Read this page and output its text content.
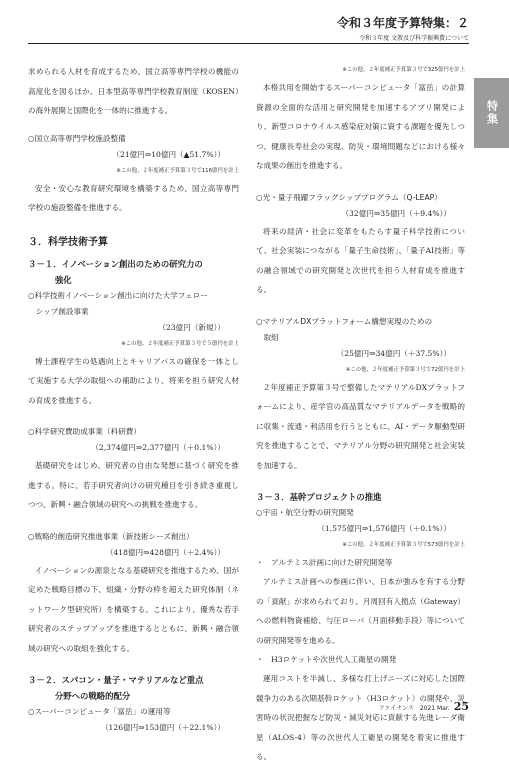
令和３年度予算特集：２
令和３年度 文教及び科学振興費について
特集

求められる人材を育成するため、国立高等専門学校の機能の高度化を図るほか、日本型高等専門学校教育制度（KOSEN）の海外展開と国際化を一体的に推進する。

○国立高等専門学校施設整備

（21億円⇒10億円（▲51.7%））

※この他、２年度補正予算第３号で116億円を計上

安全・安心な教育研究環境を構築するため、国立高等専門学校の施設整備を推進する。

３．科学技術予算

３－１．イノベーション創出のための研究力の
強化

○科学技術イノベーション創出に向けた大学フェロー
シップ創設事業

（23億円（新規））

※この他、２年度補正予算第３号で５億円を計上

博士課程学生の処遇向上とキャリアパスの確保を一体として実施する大学の取組への補助により、将来を担う研究人材の育成を推進する。

○科学研究費助成事業（科研費）

（2,374億円⇒2,377億円（＋0.1%））

基礎研究をはじめ、研究者の自由な発想に基づく研究を推進する。特に、若手研究者向けの研究種目を引き続き重視しつつ、新興・融合領域の研究への挑戦を推進する。

○戦略的創造研究推進事業（新技術シーズ創出）

（418億円⇒428億円（＋2.4%））

イノベーションの源泉となる基礎研究を推進するため、国が定めた戦略目標の下、組織・分野の枠を超えた研究体制（ネットワーク型研究所）を構築する。これにより、優秀な若手研究者のステップアップを推進するとともに、新興・融合領域の研究への取組を強化する。

３－２．スパコン・量子・マテリアルなど重点
分野への戦略的配分

○スーパーコンピュータ「富岳」の運用等

（126億円⇒153億円（＋22.1%））

※この他、２年度補正予算第３号で325億円を計上

本格共用を開始するスーパーコンピュータ「富岳」の計算資源の全面的な活用と研究開発を加速するアプリ開発により、新型コロナウイルス感染症対策に資する課題を優先しつつ、健康長寿社会の実現、防災・環境問題などにおける様々な成果の創出を推進する。

○光・量子飛躍フラッグシッププログラム（Q-LEAP）

（32億円⇒35億円（＋9.4%））

将来の経済・社会に変革をもたらす量子科学技術について、社会実装につながる「量子生命技術」、「量子AI技術」等の融合領域での研究開発と次世代を担う人材育成を推進する。

○マテリアルDXプラットフォーム構想実現のための
取組

（25億円⇒34億円（＋37.5%））

※この他、２年度補正予算第３号で72億円を計上

２年度補正予算第３号で整備したマテリアルDXプラットフォームにより、産学官の高品質なマテリアルデータを戦略的に収集・流通・利活用を行うとともに、AI・データ駆動型研究を推進することで、マテリアル分野の研究開発と社会実装を加速する。

３－３．基幹プロジェクトの推進

○宇宙・航空分野の研究開発

（1,575億円⇒1,576億円（＋0.1%））

※この他、２年度補正予算第３号で573億円を計上

・　アルテミス計画に向けた研究開発等

アルテミス計画への参画に伴い、日本が強みを有する分野の「貢献」が求められており、月周回有人拠点（Gateway）への燃料物資補給、与圧ローバ（月面移動手段）等についての研究開発等を進める。

・　H3ロケットや次世代人工衛星の開発

運用コストを半減し、多様な打上げニーズに対応した国際競争力のある次期基幹ロケット（H3ロケット）の開発や、災害時の状況把握など防災・減災対応に貢献する先進レーダ衛星（ALOS-4）等の次世代人工衛星の開発を着実に推進する。

ファイナンス　2021 Mar. 25
